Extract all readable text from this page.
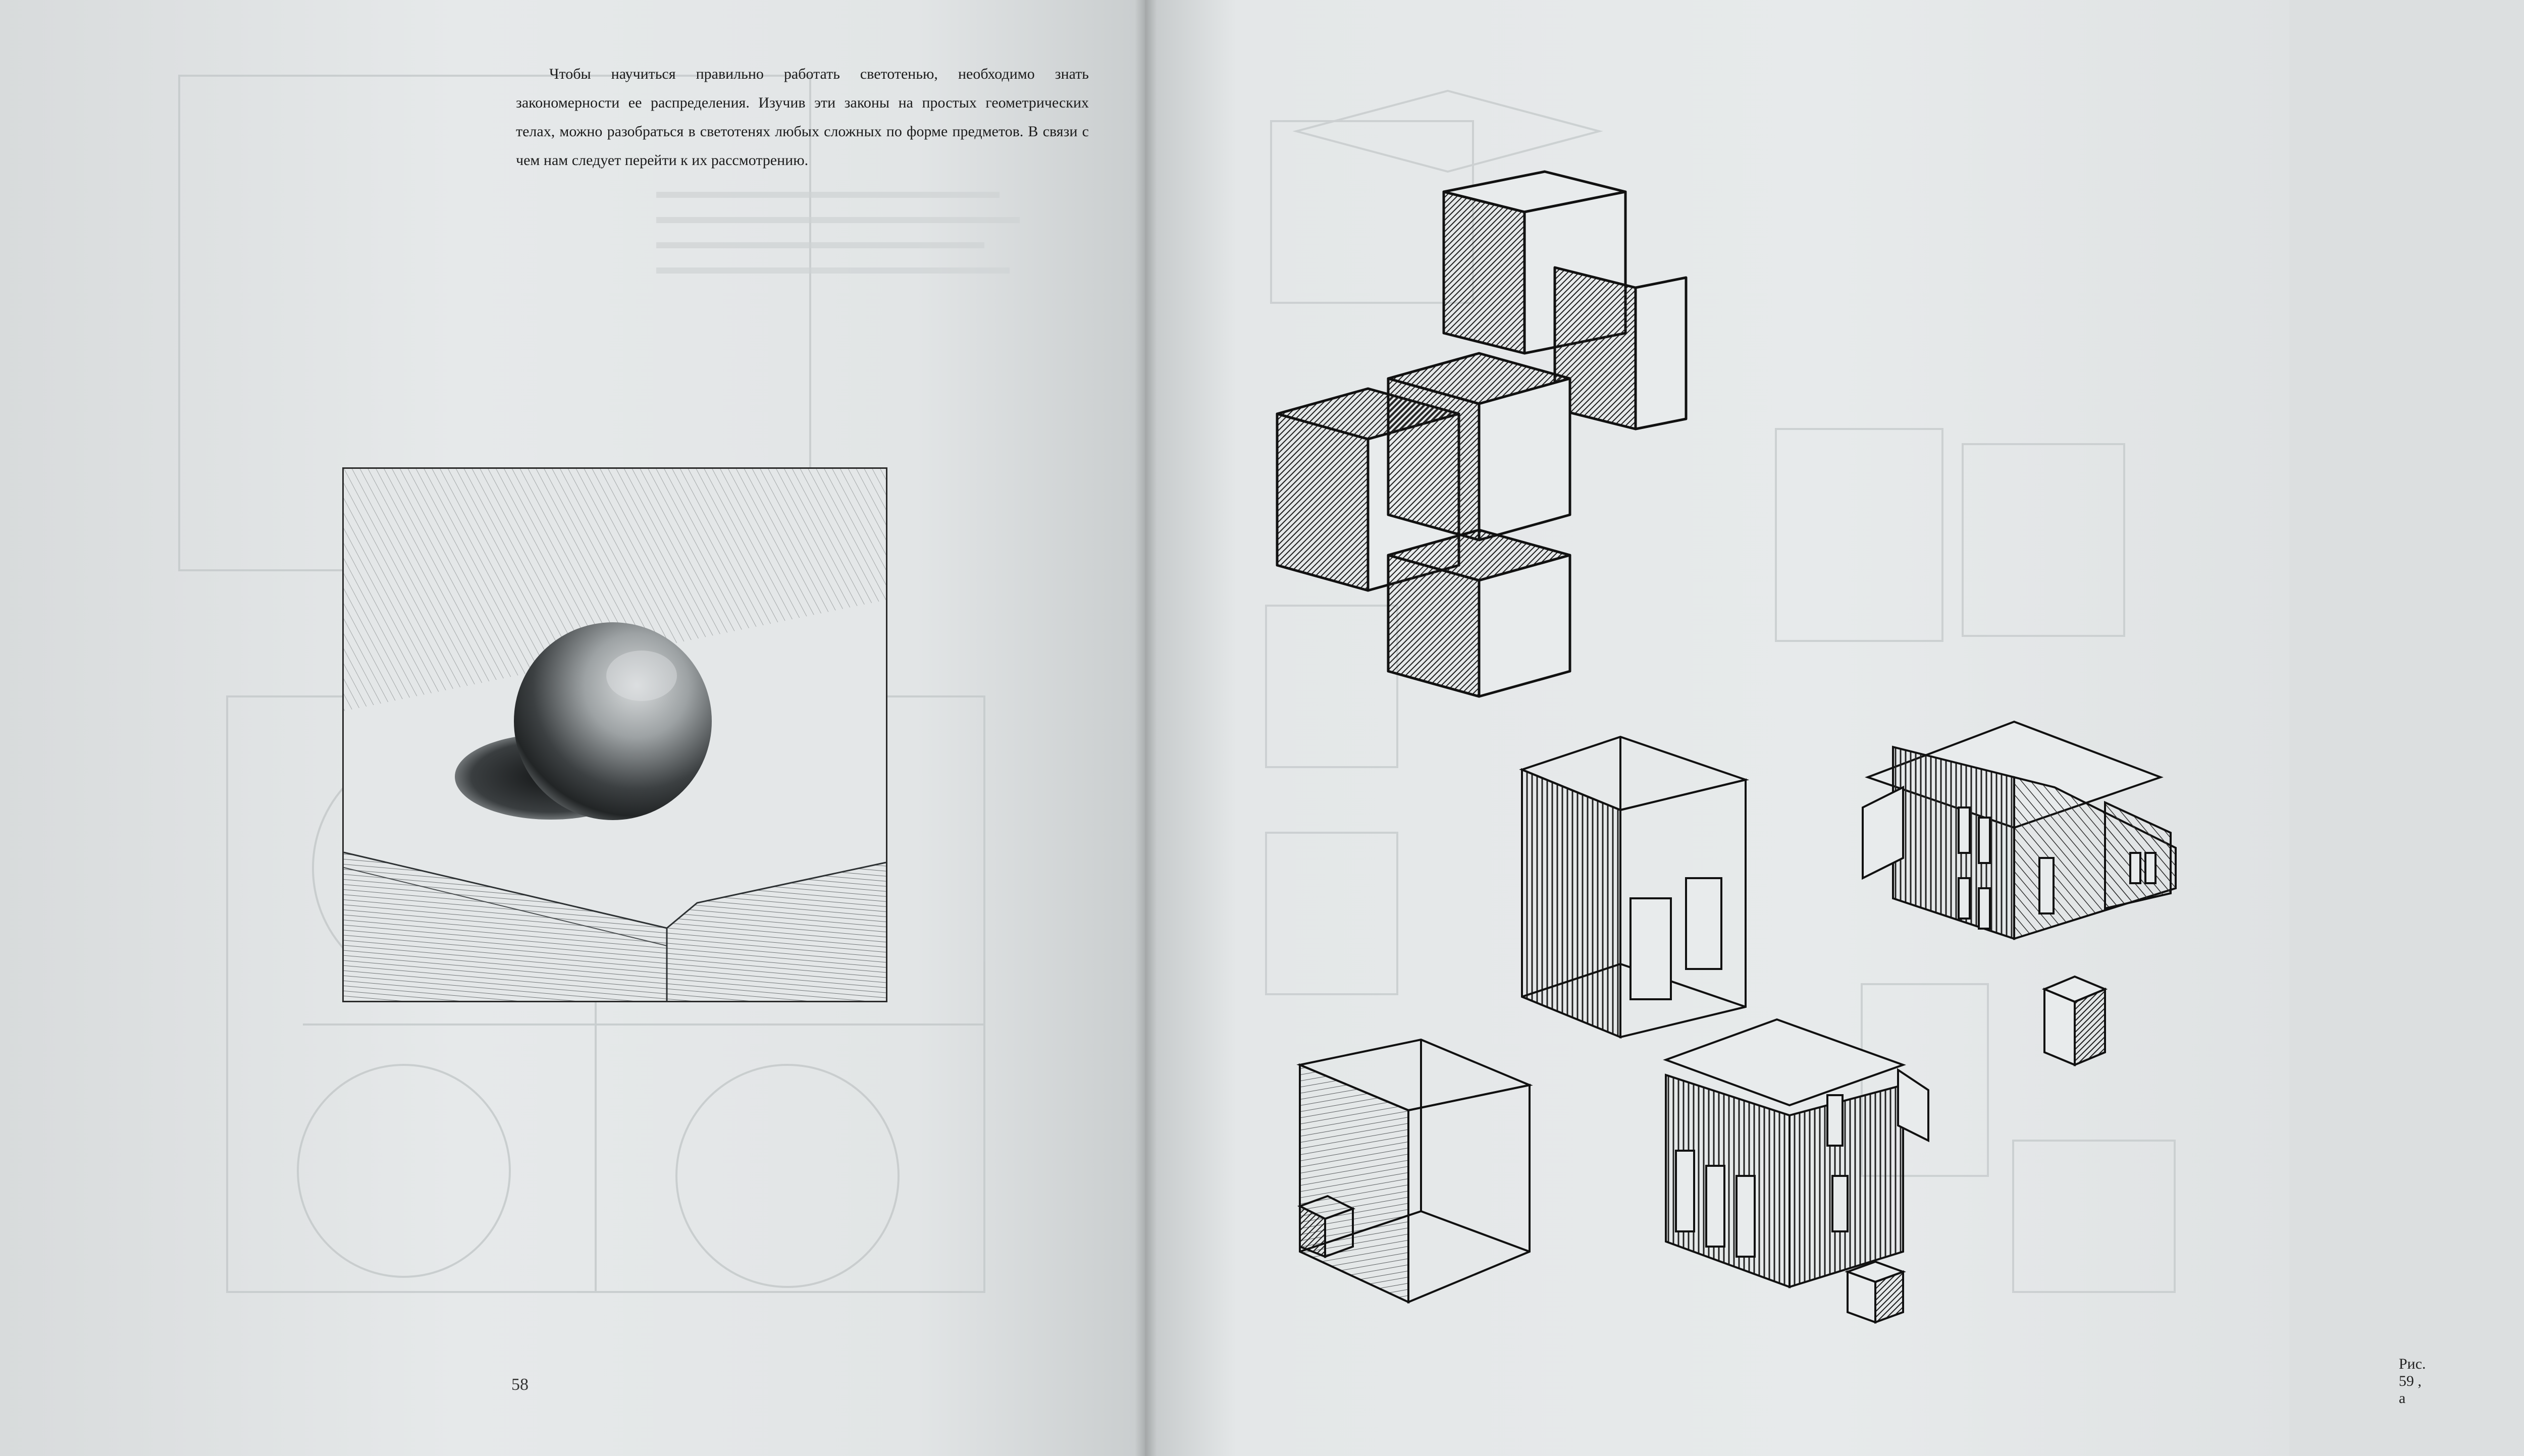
Чтобы научиться правильно работать светотенью, необходимо знать закономерности ее распределения. Изучив эти законы на простых геометрических телах, можно разобраться в светотенях любых сложных по форме предметов. В связи с чем нам следует перейти к их рассмотрению.

58

Рис. 59 , а
